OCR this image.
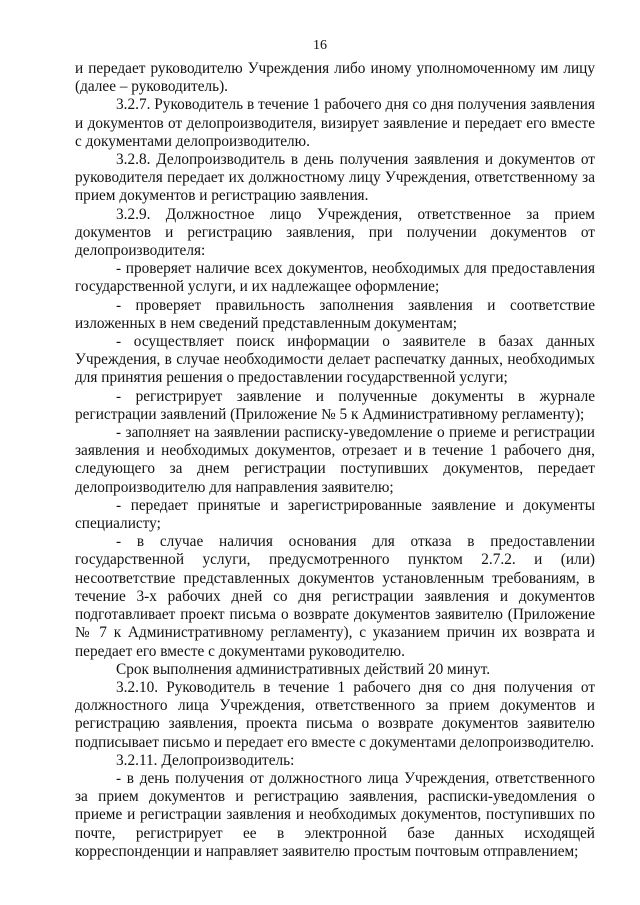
16

и передает руководителю Учреждения либо иному уполномоченному им лицу (далее – руководитель).

3.2.7. Руководитель в течение 1 рабочего дня со дня получения заявления и документов от делопроизводителя, визирует заявление и передает его вместе с документами делопроизводителю.

3.2.8. Делопроизводитель в день получения заявления и документов от руководителя передает их должностному лицу Учреждения, ответственному за прием документов и регистрацию заявления.

3.2.9. Должностное лицо Учреждения, ответственное за прием документов и регистрацию заявления, при получении документов от делопроизводителя:

- проверяет наличие всех документов, необходимых для предоставления государственной услуги, и их надлежащее оформление;

- проверяет правильность заполнения заявления и соответствие изложенных в нем сведений представленным документам;

- осуществляет поиск информации о заявителе в базах данных Учреждения, в случае необходимости делает распечатку данных, необходимых для принятия решения о предоставлении государственной услуги;

- регистрирует заявление и полученные документы в журнале регистрации заявлений (Приложение № 5 к Административному регламенту);

- заполняет на заявлении расписку-уведомление о приеме и регистрации заявления и необходимых документов, отрезает и в течение 1 рабочего дня, следующего за днем регистрации поступивших документов, передает делопроизводителю для направления заявителю;

- передает принятые и зарегистрированные заявление и документы специалисту;

- в случае наличия основания для отказа в предоставлении государственной услуги, предусмотренного пунктом 2.7.2. и (или) несоответствие представленных документов установленным требованиям, в течение 3-х рабочих дней со дня регистрации заявления и документов подготавливает проект письма о возврате документов заявителю (Приложение № 7 к Административному регламенту), с указанием причин их возврата и передает его вместе с документами руководителю.

Срок выполнения административных действий 20 минут.

3.2.10. Руководитель в течение 1 рабочего дня со дня получения от должностного лица Учреждения, ответственного за прием документов и регистрацию заявления, проекта письма о возврате документов заявителю подписывает письмо и передает его вместе с документами делопроизводителю.

3.2.11. Делопроизводитель:

- в день получения от должностного лица Учреждения, ответственного за прием документов и регистрацию заявления, расписки-уведомления о приеме и регистрации заявления и необходимых документов, поступивших по почте, регистрирует ее в электронной базе данных исходящей корреспонденции и направляет заявителю простым почтовым отправлением;
